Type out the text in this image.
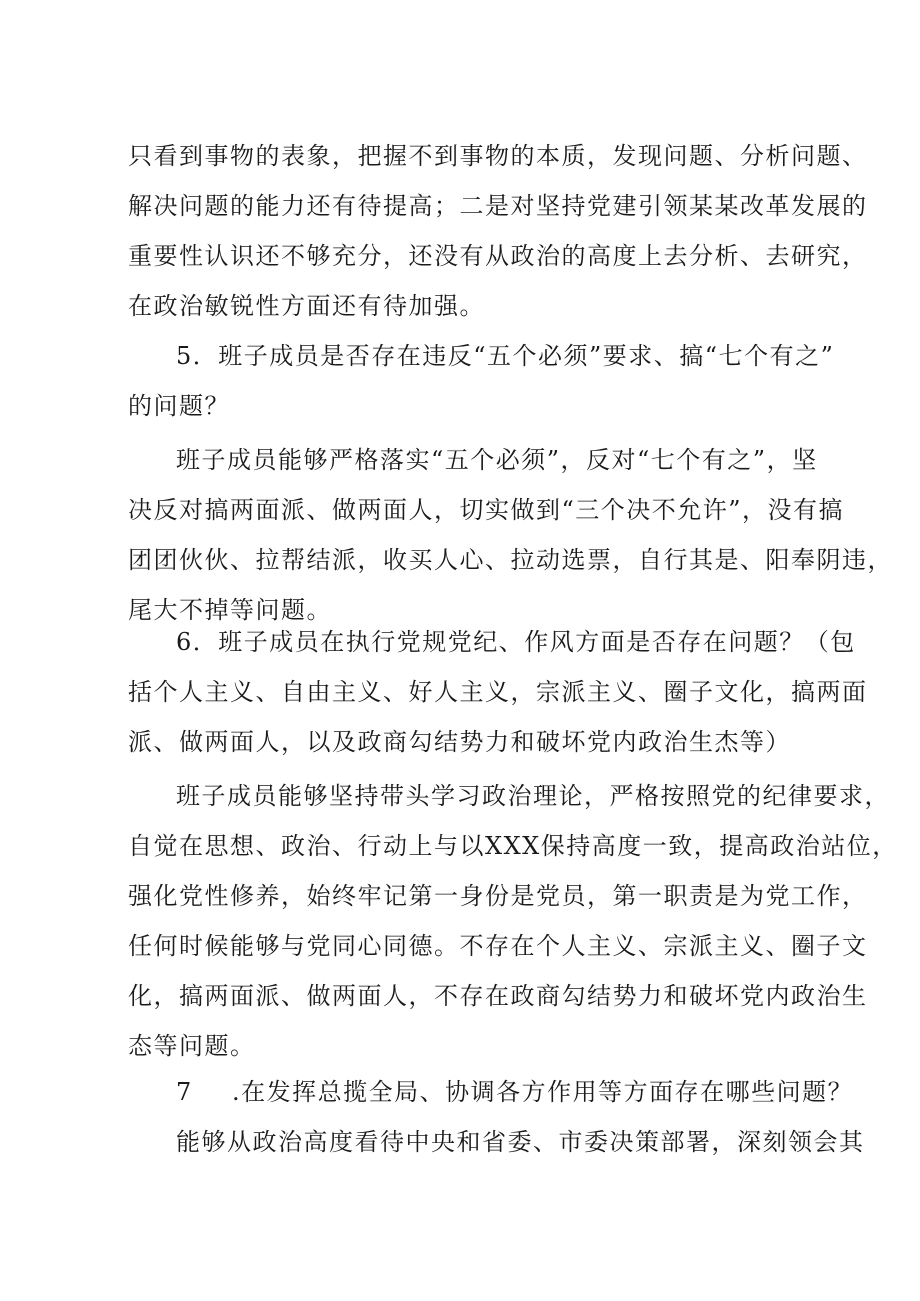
只看到事物的表象，把握不到事物的本质，发现问题、分析问题、
解决问题的能力还有待提高；二是对坚持党建引领某某改革发展的
重要性认识还不够充分，还没有从政治的高度上去分析、去研究，
在政治敏锐性方面还有待加强。
5．班子成员是否存在违反“五个必须”要求、搞“七个有之”
的问题？
班子成员能够严格落实“五个必须”，反对“七个有之”，坚
决反对搞两面派、做两面人，切实做到“三个决不允许”，没有搞
团团伙伙、拉帮结派，收买人心、拉动选票，自行其是、阳奉阴违，
尾大不掉等问题。
6．班子成员在执行党规党纪、作风方面是否存在问题？（包
括个人主义、自由主义、好人主义，宗派主义、圈子文化，搞两面
派、做两面人，以及政商勾结势力和破坏党内政治生杰等）
班子成员能够坚持带头学习政治理论，严格按照党的纪律要求，
自觉在思想、政治、行动上与以XXX保持高度一致，提高政治站位，
强化党性修养，始终牢记第一身份是党员，第一职责是为党工作，
任何时候能够与党同心同德。不存在个人主义、宗派主义、圈子文
化，搞两面派、做两面人，不存在政商勾结势力和破坏党内政治生
态等问题。
7 .在发挥总揽全局、协调各方作用等方面存在哪些问题？
能够从政治高度看待中央和省委、市委决策部署，深刻领会其
